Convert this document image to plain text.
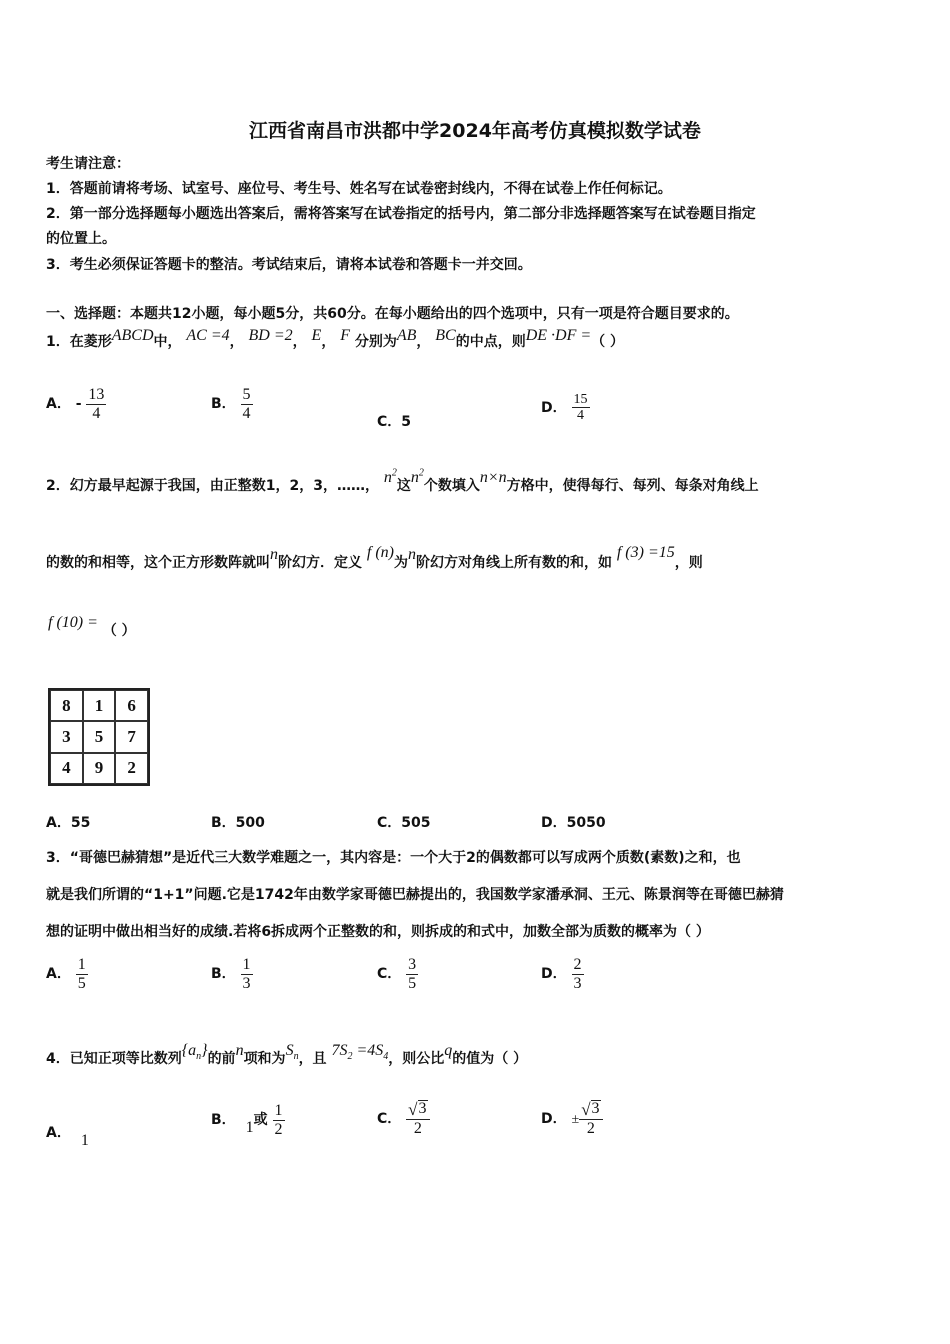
江西省南昌市洪都中学2024年高考仿真模拟数学试卷
考生请注意：
1．答题前请将考场、试室号、座位号、考生号、姓名写在试卷密封线内，不得在试卷上作任何标记。
2．第一部分选择题每小题选出答案后，需将答案写在试卷指定的括号内，第二部分非选择题答案写在试卷题目指定
的位置上。
3．考生必须保证答题卡的整洁。考试结束后，请将本试卷和答题卡一并交回。
一、选择题：本题共12小题，每小题5分，共60分。在每小题给出的四个选项中，只有一项是符合题目要求的。
1．在菱形ABCD中， AC =4， BD =2， E， F 分别为AB， BC的中点，则DE ·DF =（ ）
A． - $\frac{13}{4}$	B． $\frac{5}{4}$	C．5
D． $\frac{15}{4}$
2．幻方最早起源于我国，由正整数1，2，3，……， $n^2$这$n^2$个数填入n×n方格中，使得每行、每列、每条对角线上
的数的和相等，这个正方形数阵就叫n阶幻方．定义 f (n)为n阶幻方对角线上所有数的和，如 f (3) =15，则
f (10) = （ ）
8	1	6
3	5	7
4	9	2
A．55	B．500	C．505	D．5050
3．“哥德巴赫猜想”是近代三大数学难题之一，其内容是：一个大于2的偶数都可以写成两个质数(素数)之和，也
就是我们所谓的“1+1”问题.它是1742年由数学家哥德巴赫提出的，我国数学家潘承洞、王元、陈景润等在哥德巴赫猜
想的证明中做出相当好的成绩.若将6拆成两个正整数的和，则拆成的和式中，加数全部为质数的概率为（ ）
A． $\frac{1}{5}$	B． $\frac{1}{3}$	C． $\frac{3}{5}$	D． $\frac{2}{3}$
4．已知正项等比数列$\{a_n\}$的前n项和为$S_n$，且 $7S_2 =4S_4$，则公比q的值为（ ）
A． 1
B． 1或 $\frac{1}{2}$	C． $\frac{√ 3}{2}$	D． ± $\frac{√ 3}{2}$
